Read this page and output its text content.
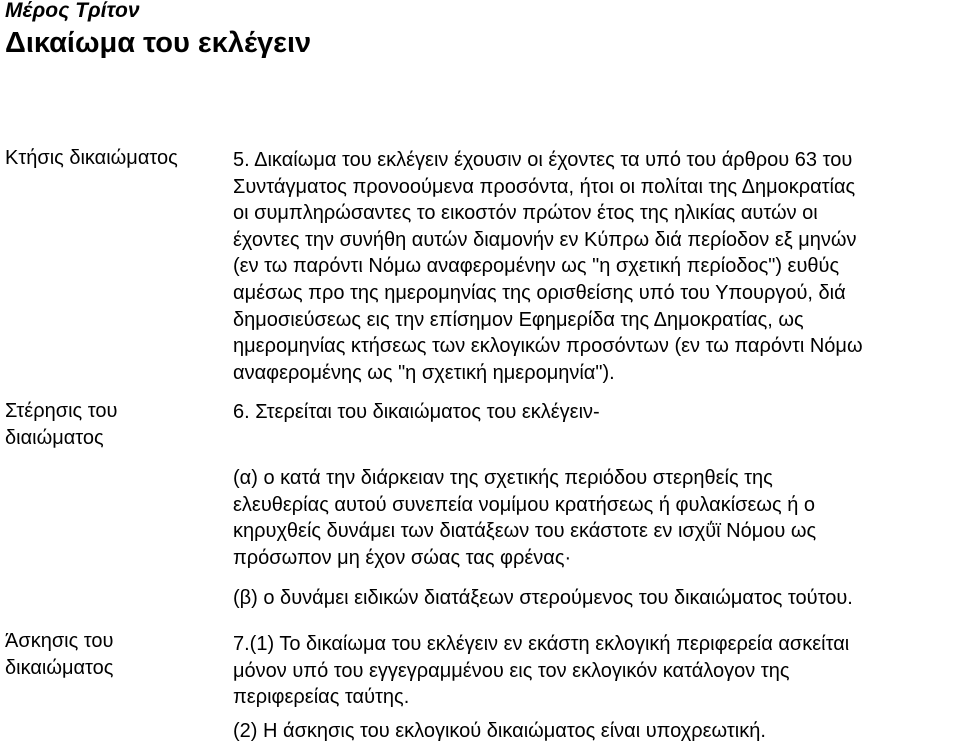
Μέρος Τρίτον
Δικαίωμα του εκλέγειν
Κτήσις δικαιώματος
Στέρησις του
διαιώματος
Άσκησις του
δικαιώματος
5. Δικαίωμα του εκλέγειν έχουσιν οι έχοντες τα υπό του άρθρου 63 του
Συντάγματος προνοούμενα προσόντα, ήτοι οι πολίται της Δημοκρατίας
οι συμπληρώσαντες το εικοστόν πρώτον έτος της ηλικίας αυτών οι
έχοντες την συνήθη αυτών διαμονήν εν Κύπρω διά περίοδον εξ μηνών
(εν τω παρόντι Νόμω αναφερομένην ως "η σχετική περίοδος") ευθύς
αμέσως προ της ημερομηνίας της ορισθείσης υπό του Υπουργού, διά
δημοσιεύσεως εις την επίσημον Εφημερίδα της Δημοκρατίας, ως
ημερομηνίας κτήσεως των εκλογικών προσόντων (εν τω παρόντι Νόμω
αναφερομένης ως "η σχετική ημερομηνία").
6. Στερείται του δικαιώματος του εκλέγειν-
(α) ο κατά την διάρκειαν της σχετικής περιόδου στερηθείς της
ελευθερίας αυτού συνεπεία νομίμου κρατήσεως ή φυλακίσεως ή ο
κηρυχθείς δυνάμει των διατάξεων του εκάστοτε εν ισχΰϊ Νόμου ως
πρόσωπον μη έχον σώας τας φρένας·
(β) ο δυνάμει ειδικών διατάξεων στερούμενος του δικαιώματος τούτου.
7.(1) Το δικαίωμα του εκλέγειν εν εκάστη εκλογική περιφερεία ασκείται
μόνον υπό του εγγεγραμμένου εις τον εκλογικόν κατάλογον της
περιφερείας ταύτης.
(2) Η άσκησις του εκλογικού δικαιώματος είναι υποχρεωτική.
